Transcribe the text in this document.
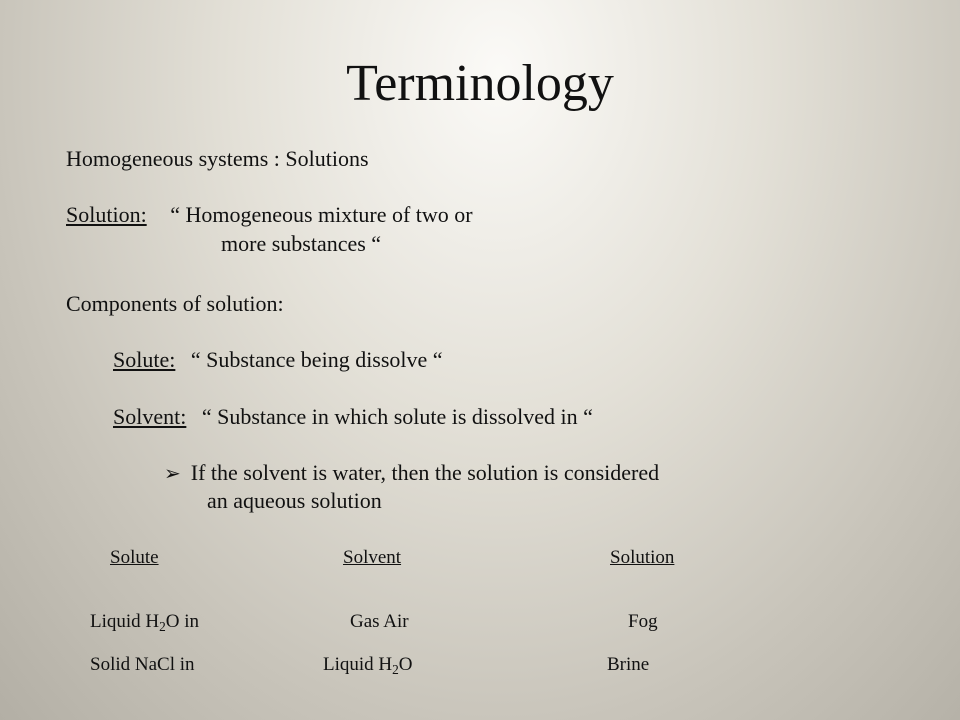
Terminology
Homogeneous systems : Solutions
Solution: “ Homogeneous mixture of two or
more substances “
Components of solution:
Solute: “ Substance being dissolve “
Solvent: “ Substance in which solute is dissolved in “
➢ If the solvent is water, then the solution is considered
an aqueous solution
Solute	Solvent	Solution
Liquid $H_2O$ in	Gas Air	Fog
Solid NaCl in	Liquid $H_2O$	Brine
